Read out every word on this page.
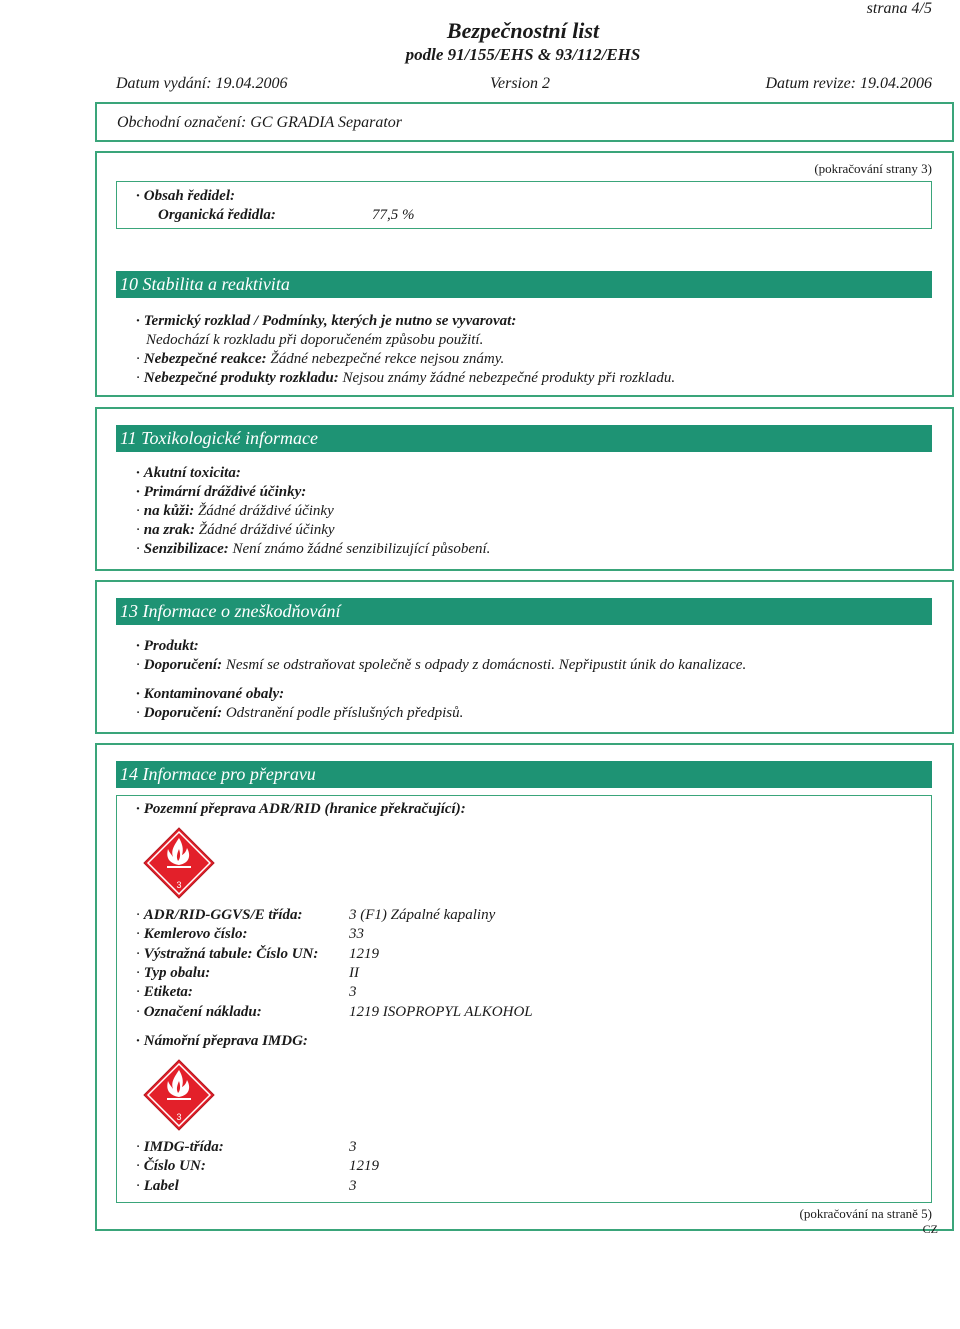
strana 4/5
Bezpečnostní list
podle 91/155/EHS & 93/112/EHS
Datum vydání: 19.04.2006	Version 2	Datum revize: 19.04.2006
Obchodní označení: GC GRADIA Separator
(pokračování strany 3)
· Obsah ředidel:
Organická ředidla:	77,5 %
10 Stabilita a reaktivita
· Termický rozklad / Podmínky, kterých je nutno se vyvarovat:
Nedochází k rozkladu při doporučeném způsobu použití.
· Nebezpečné reakce: Žádné nebezpečné rekce nejsou známy.
· Nebezpečné produkty rozkladu: Nejsou známy žádné nebezpečné produkty při rozkladu.
11 Toxikologické informace
· Akutní toxicita:
· Primární dráždivé účinky:
· na kůži: Žádné dráždivé účinky
· na zrak: Žádné dráždivé účinky
· Senzibilizace: Není známo žádné senzibilizující působení.
13 Informace o zneškodňování
· Produkt:
· Doporučení: Nesmí se odstraňovat společně s odpady z domácnosti. Nepřipustit únik do kanalizace.
· Kontaminované obaly:
· Doporučení: Odstranění podle příslušných předpisů.
14 Informace pro přepravu
· Pozemní přeprava ADR/RID (hranice překračující):
3
· ADR/RID-GGVS/E třída:	3 (F1) Zápalné kapaliny
· Kemlerovo číslo:	33
· Výstražná tabule: Číslo UN: 1219
· Typ obalu:	II
· Etiketa:	3
· Označení nákladu:	1219 ISOPROPYL ALKOHOL
· Námořní přeprava IMDG:
3
· IMDG-třída:	3
· Číslo UN:	1219
· Label	3
(pokračování na straně 5)
CZ
